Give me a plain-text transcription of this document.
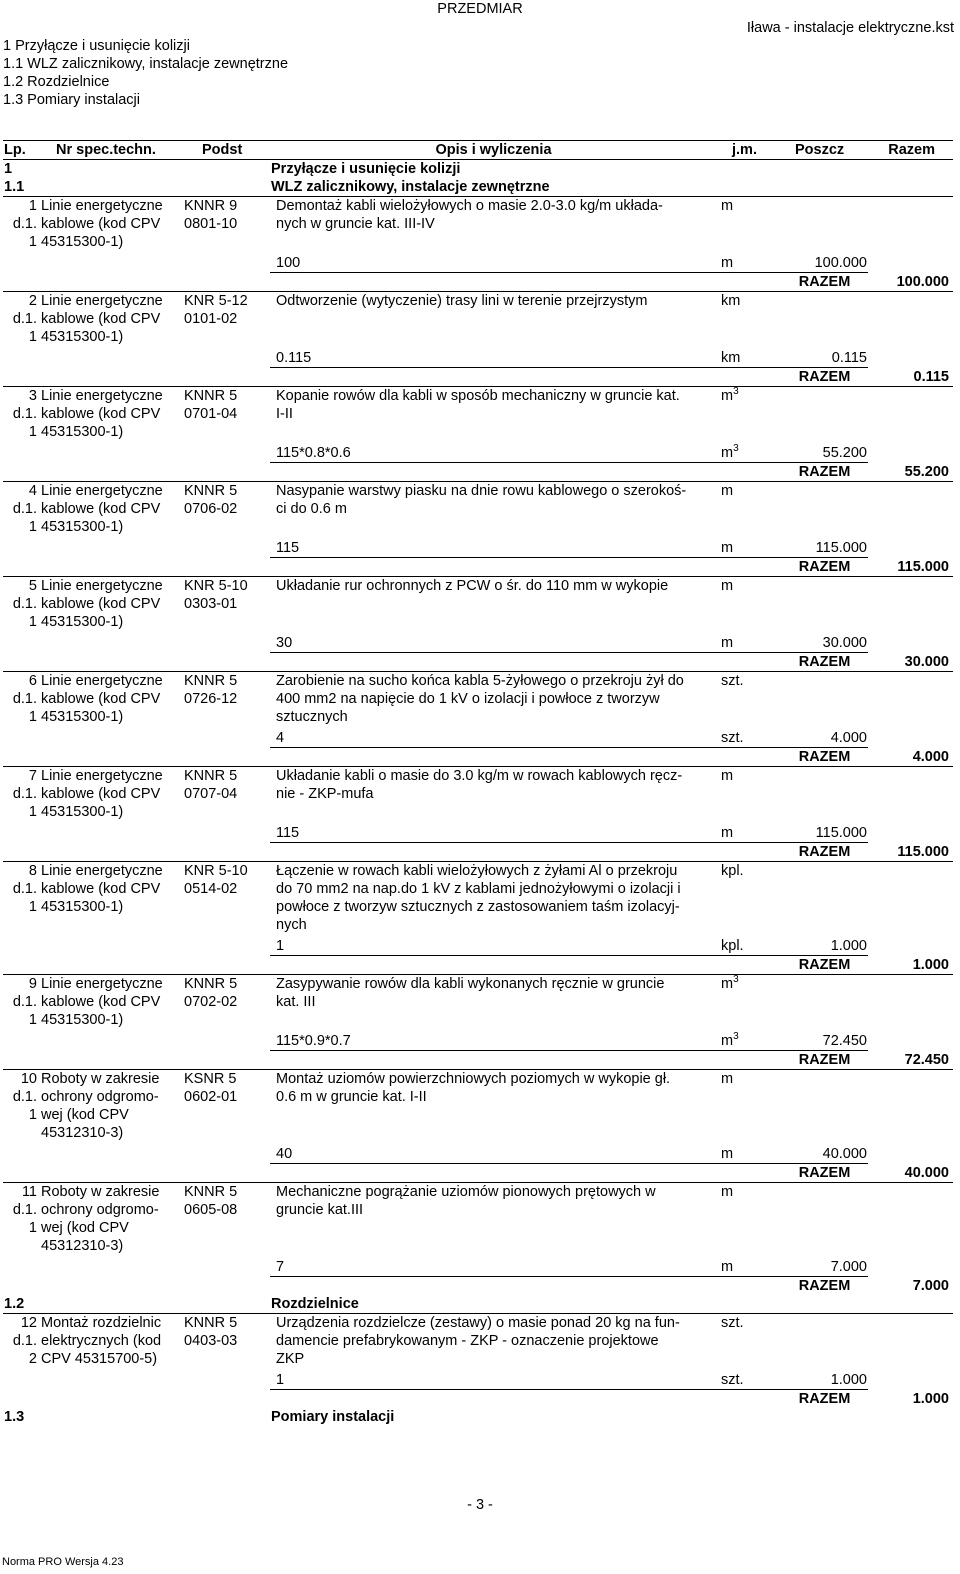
PRZEDMIAR
Iława - instalacje elektryczne.kst
1 Przyłącze i usunięcie kolizji
1.1 WLZ zalicznikowy, instalacje zewnętrzne
1.2 Rozdzielnice
1.3 Pomiary instalacji
Lp.	Nr spec.techn.	Podst	Opis i wyliczenia	j.m.	Poszcz	Razem
1			Przyłącze i usunięcie kolizji			
1.1			WLZ zalicznikowy, instalacje zewnętrzne			
1	Linie energetyczne	KNNR 9	Demontaż kabli wielożyłowych o masie 2.0-3.0 kg/m układa-	m		
d.1.	kablowe (kod CPV	0801-10	nych w gruncie kat. III-IV			
1	45315300-1)					
			100	m	100.000	
					RAZEM	100.000
2	Linie energetyczne	KNR 5-12	Odtworzenie (wytyczenie) trasy lini w terenie przejrzystym	km		
d.1.	kablowe (kod CPV	0101-02				
1	45315300-1)					
			0.115	km	0.115	
					RAZEM	0.115
3	Linie energetyczne	KNNR 5	Kopanie rowów dla kabli w sposób mechaniczny w gruncie kat.	$m^3$		
d.1.	kablowe (kod CPV	0701-04	I-II			
1	45315300-1)					
			115*0.8*0.6	$m^3$	55.200	
					RAZEM	55.200
4	Linie energetyczne	KNNR 5	Nasypanie warstwy piasku na dnie rowu kablowego o szerokoś-	m		
d.1.	kablowe (kod CPV	0706-02	ci do 0.6 m			
1	45315300-1)					
			115	m	115.000	
					RAZEM	115.000
5	Linie energetyczne	KNR 5-10	Układanie rur ochronnych z PCW o śr. do 110 mm w wykopie	m		
d.1.	kablowe (kod CPV	0303-01				
1	45315300-1)					
			30	m	30.000	
					RAZEM	30.000
6	Linie energetyczne	KNNR 5	Zarobienie na sucho końca kabla 5-żyłowego o przekroju żył do	szt.		
d.1.	kablowe (kod CPV	0726-12	400 mm2 na napięcie do 1 kV o izolacji i powłoce z tworzyw			
1	45315300-1)		sztucznych			
			4	szt.	4.000	
					RAZEM	4.000
7	Linie energetyczne	KNNR 5	Układanie kabli o masie do 3.0 kg/m w rowach kablowych ręcz-	m		
d.1.	kablowe (kod CPV	0707-04	nie - ZKP-mufa			
1	45315300-1)					
			115	m	115.000	
					RAZEM	115.000
8	Linie energetyczne	KNR 5-10	Łączenie w rowach kabli wielożyłowych z żyłami Al o przekroju	kpl.		
d.1.	kablowe (kod CPV	0514-02	do 70 mm2 na nap.do 1 kV z kablami jednożyłowymi o izolacji i			
1	45315300-1)		powłoce z tworzyw sztucznych z zastosowaniem taśm izolacyj-			
			nych			
			1	kpl.	1.000	
					RAZEM	1.000
9	Linie energetyczne	KNNR 5	Zasypywanie rowów dla kabli wykonanych ręcznie w gruncie	$m^3$		
d.1.	kablowe (kod CPV	0702-02	kat. III			
1	45315300-1)					
			115*0.9*0.7	$m^3$	72.450	
					RAZEM	72.450
10	Roboty w zakresie	KSNR 5	Montaż uziomów powierzchniowych poziomych w wykopie gł.	m		
d.1.	ochrony odgromo-	0602-01	0.6 m w gruncie kat. I-II			
1	wej (kod CPV					
	45312310-3)					
			40	m	40.000	
					RAZEM	40.000
11	Roboty w zakresie	KNNR 5	Mechaniczne pogrążanie uziomów pionowych prętowych w	m		
d.1.	ochrony odgromo-	0605-08	gruncie kat.III			
1	wej (kod CPV					
	45312310-3)					
			7	m	7.000	
					RAZEM	7.000
1.2			Rozdzielnice			
12	Montaż rozdzielnic	KNNR 5	Urządzenia rozdzielcze (zestawy) o masie ponad 20 kg na fun-	szt.		
d.1.	elektrycznych (kod	0403-03	damencie prefabrykowanym - ZKP - oznaczenie projektowe			
2	CPV 45315700-5)		ZKP			
			1	szt.	1.000	
					RAZEM	1.000
1.3			Pomiary instalacji			
- 3 -
Norma PRO Wersja 4.23
